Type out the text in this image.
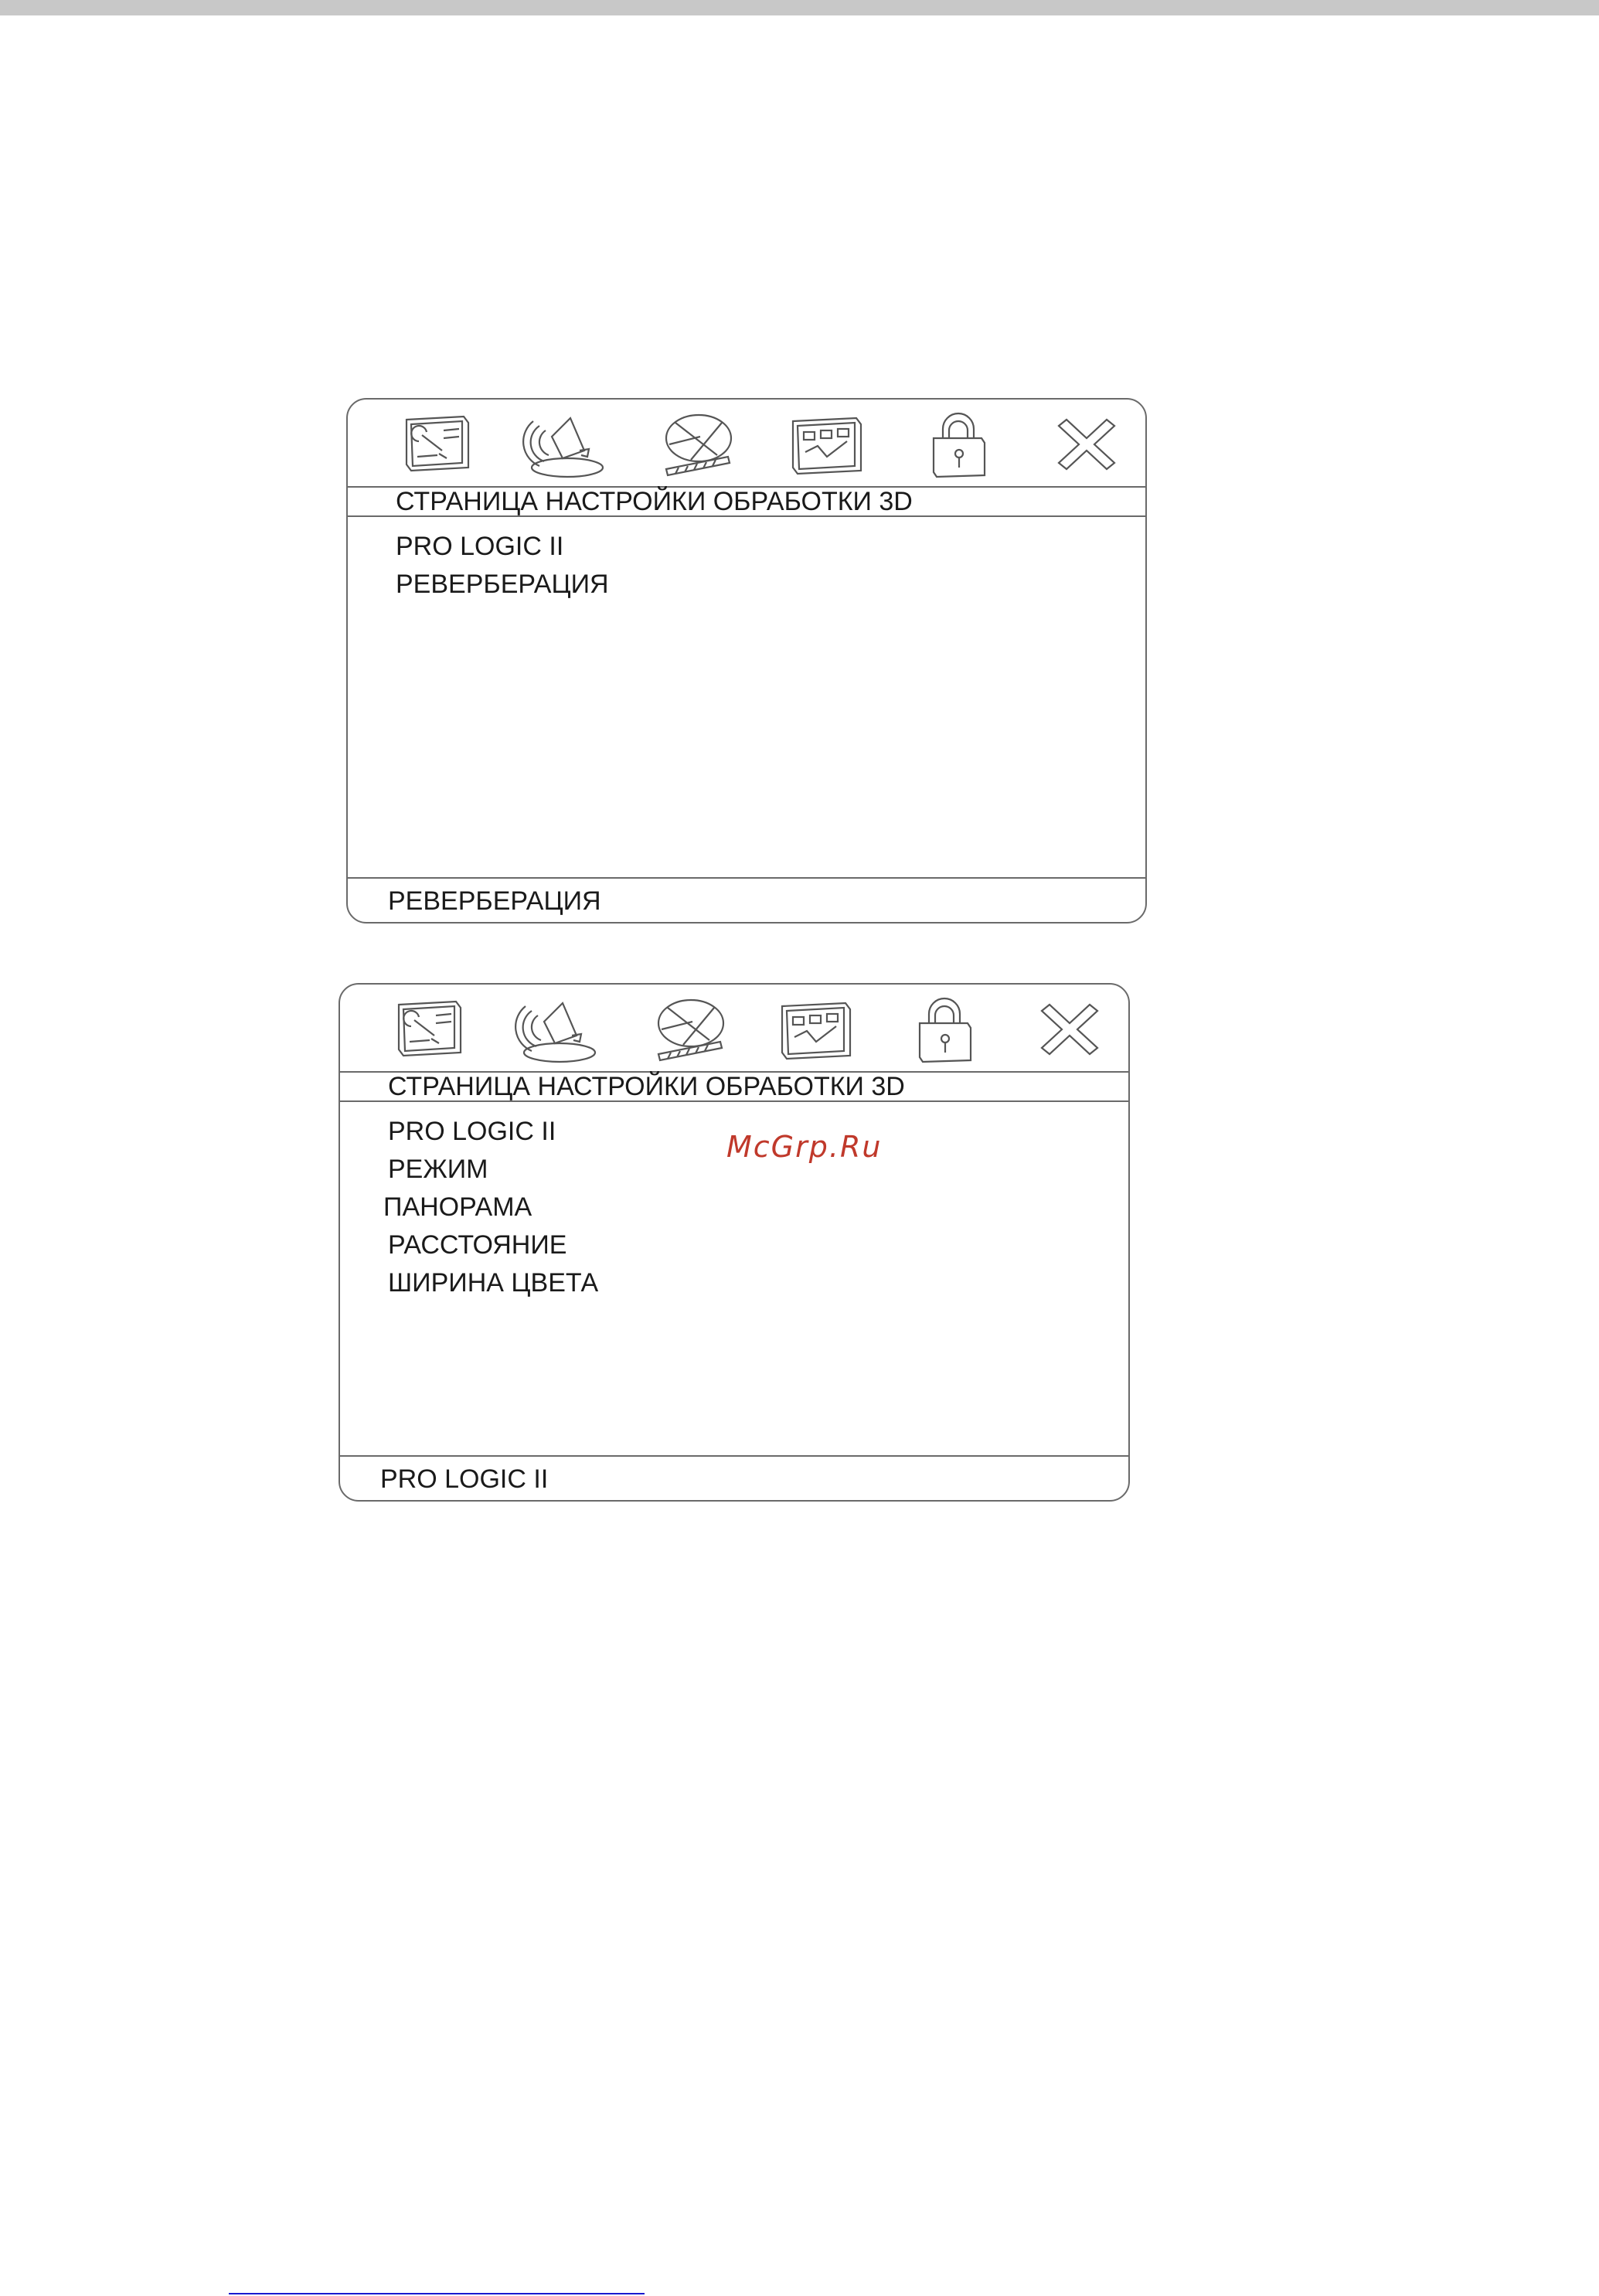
СТРАНИЦА НАСТРОЙКИ ОБРАБОТКИ 3D
PRO LOGIC II
РЕВЕРБЕРАЦИЯ
РЕВЕРБЕРАЦИЯ
СТРАНИЦА НАСТРОЙКИ ОБРАБОТКИ 3D
PRO LOGIC II
РЕЖИМ
ПАНОРАМА
РАССТОЯНИЕ
ШИРИНА ЦВЕТА
PRO LOGIC II
McGrp.Ru
